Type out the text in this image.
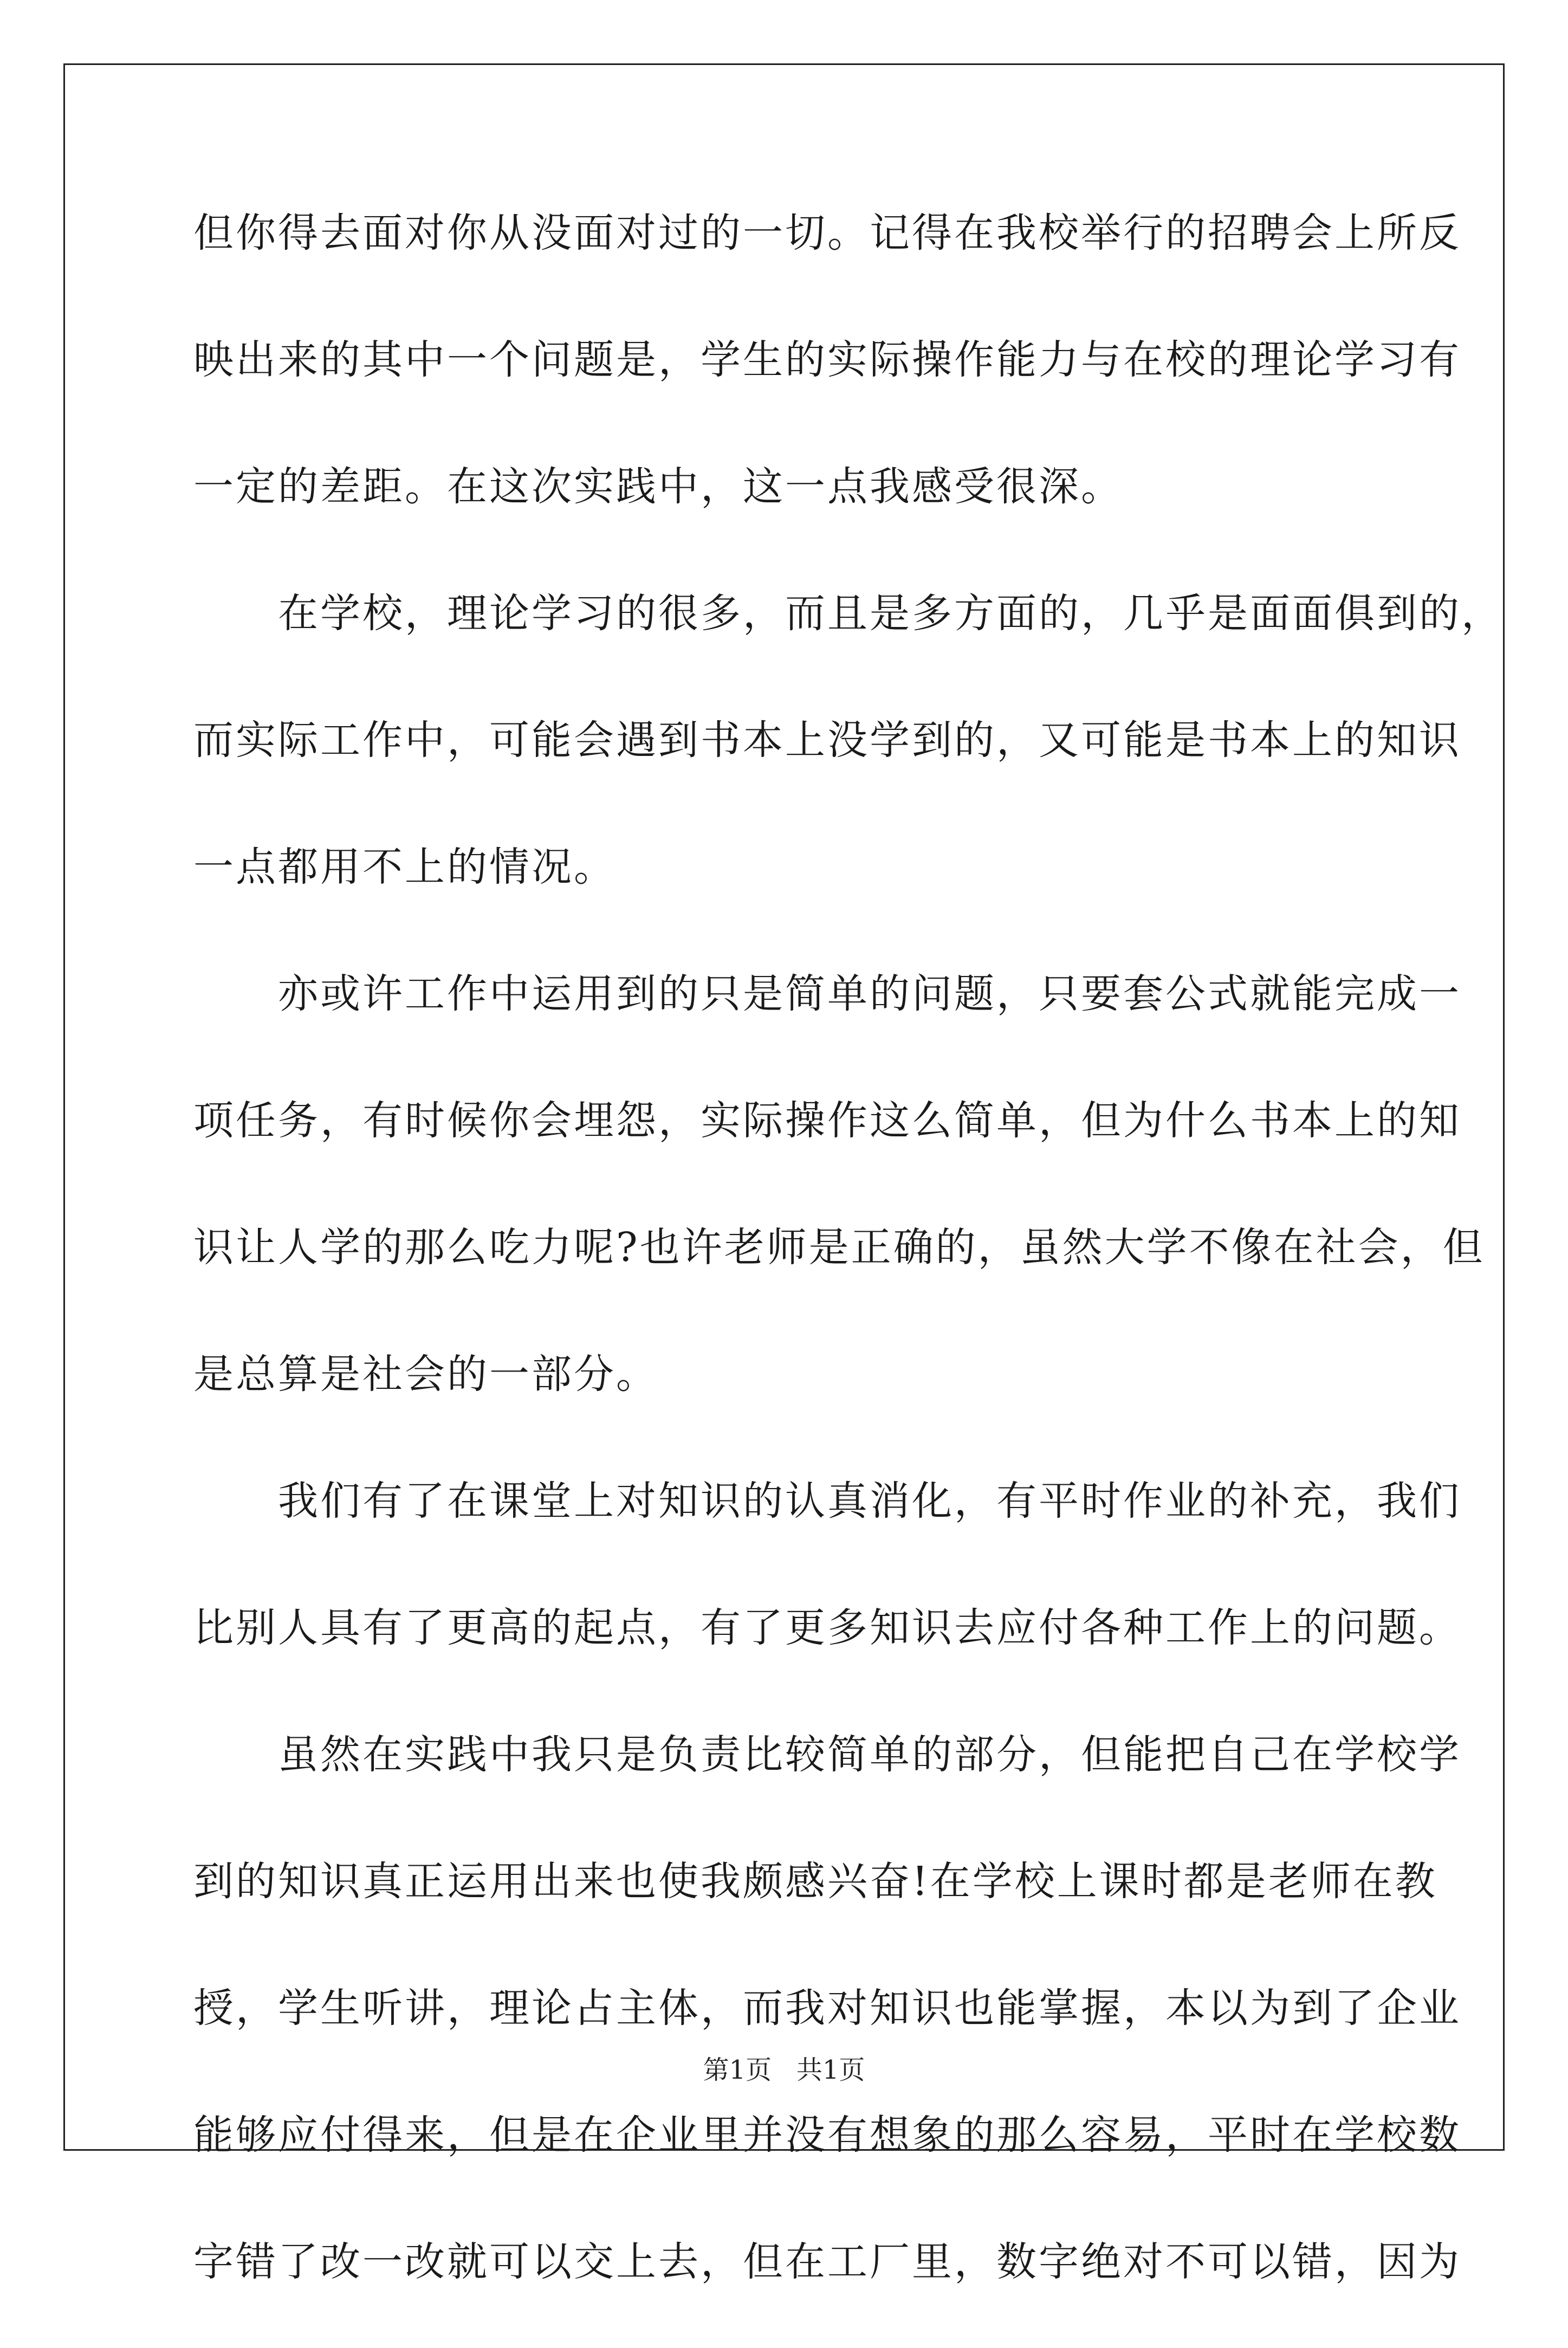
但你得去面对你从没面对过的一切。记得在我校举行的招聘会上所反
映出来的其中一个问题是，学生的实际操作能力与在校的理论学习有
一定的差距。在这次实践中，这一点我感受很深。
　　在学校，理论学习的很多，而且是多方面的，几乎是面面俱到的，
而实际工作中，可能会遇到书本上没学到的，又可能是书本上的知识
一点都用不上的情况。
　　亦或许工作中运用到的只是简单的问题，只要套公式就能完成一
项任务，有时候你会埋怨，实际操作这么简单，但为什么书本上的知
识让人学的那么吃力呢?也许老师是正确的，虽然大学不像在社会，但
是总算是社会的一部分。
　　我们有了在课堂上对知识的认真消化，有平时作业的补充，我们
比别人具有了更高的起点，有了更多知识去应付各种工作上的问题。
　　虽然在实践中我只是负责比较简单的部分，但能把自己在学校学
到的知识真正运用出来也使我颇感兴奋!在学校上课时都是老师在教
授，学生听讲，理论占主体，而我对知识也能掌握，本以为到了企业
能够应付得来，但是在企业里并没有想象的那么容易，平时在学校数
字错了改一改就可以交上去，但在工厂里，数字绝对不可以错，因为
第1页 共1页
